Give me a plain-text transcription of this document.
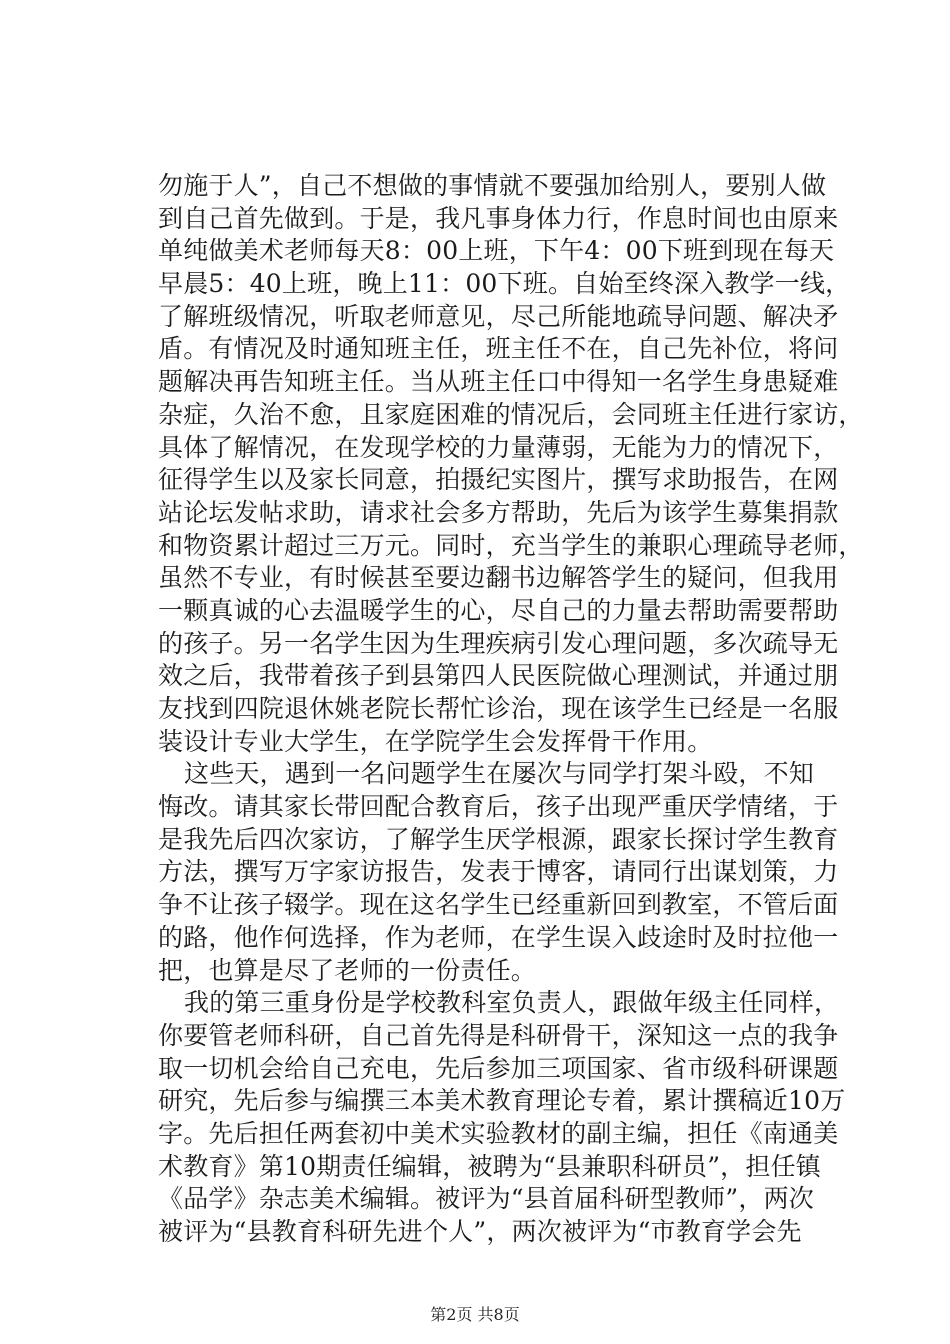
勿施于人”，自己不想做的事情就不要强加给别人，要别人做
到自己首先做到。于是，我凡事身体力行，作息时间也由原来
单纯做美术老师每天8：00上班，下午4：00下班到现在每天
早晨5：40上班，晚上11：00下班。自始至终深入教学一线，
了解班级情况，听取老师意见，尽己所能地疏导问题、解决矛
盾。有情况及时通知班主任，班主任不在，自己先补位，将问
题解决再告知班主任。当从班主任口中得知一名学生身患疑难
杂症，久治不愈，且家庭困难的情况后，会同班主任进行家访，
具体了解情况，在发现学校的力量薄弱，无能为力的情况下，
征得学生以及家长同意，拍摄纪实图片，撰写求助报告，在网
站论坛发帖求助，请求社会多方帮助，先后为该学生募集捐款
和物资累计超过三万元。同时，充当学生的兼职心理疏导老师，
虽然不专业，有时候甚至要边翻书边解答学生的疑问，但我用
一颗真诚的心去温暖学生的心，尽自己的力量去帮助需要帮助
的孩子。另一名学生因为生理疾病引发心理问题，多次疏导无
效之后，我带着孩子到县第四人民医院做心理测试，并通过朋
友找到四院退休姚老院长帮忙诊治，现在该学生已经是一名服
装设计专业大学生，在学院学生会发挥骨干作用。
这些天，遇到一名问题学生在屡次与同学打架斗殴，不知
悔改。请其家长带回配合教育后，孩子出现严重厌学情绪，于
是我先后四次家访，了解学生厌学根源，跟家长探讨学生教育
方法，撰写万字家访报告，发表于博客，请同行出谋划策，力
争不让孩子辍学。现在这名学生已经重新回到教室，不管后面
的路，他作何选择，作为老师，在学生误入歧途时及时拉他一
把，也算是尽了老师的一份责任。
我的第三重身份是学校教科室负责人，跟做年级主任同样，
你要管老师科研，自己首先得是科研骨干，深知这一点的我争
取一切机会给自己充电，先后参加三项国家、省市级科研课题
研究，先后参与编撰三本美术教育理论专着，累计撰稿近10万
字。先后担任两套初中美术实验教材的副主编，担任《南通美
术教育》第10期责任编辑，被聘为“县兼职科研员”，担任镇
《品学》杂志美术编辑。被评为“县首届科研型教师”，两次
被评为“县教育科研先进个人”，两次被评为“市教育学会先
第2页 共8页
